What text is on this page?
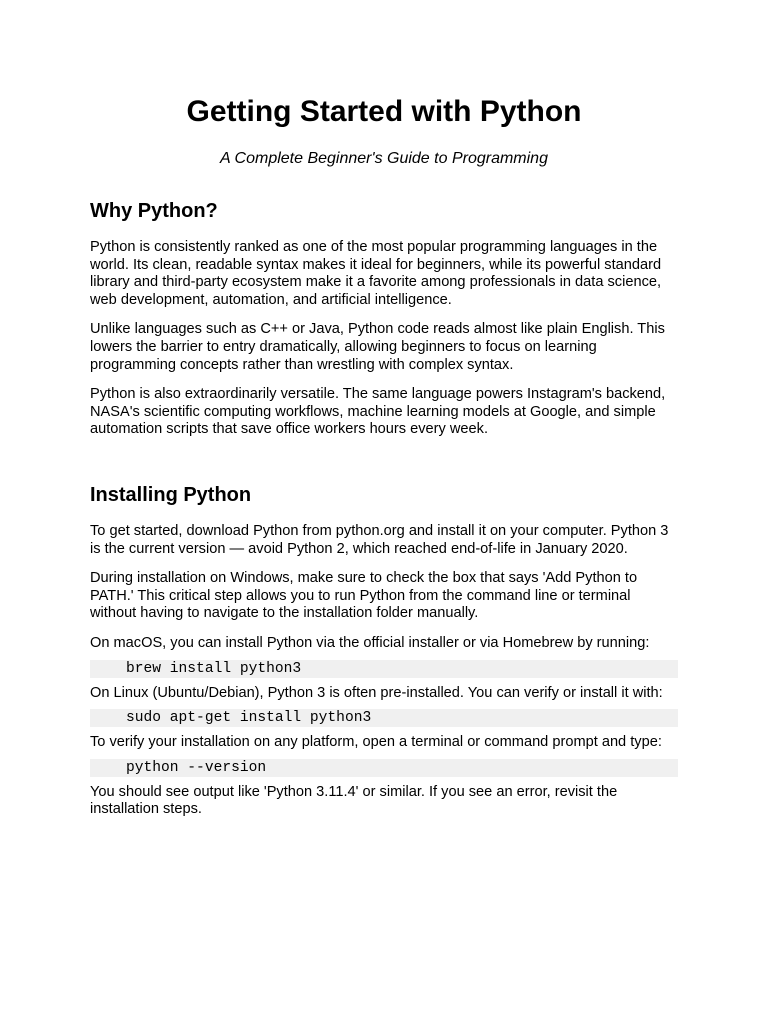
Getting Started with Python

A Complete Beginner's Guide to Programming

Why Python?

Python is consistently ranked as one of the most popular programming languages in the world. Its clean, readable syntax makes it ideal for beginners, while its powerful standard library and third-party ecosystem make it a favorite among professionals in data science, web development, automation, and artificial intelligence.

Unlike languages such as C++ or Java, Python code reads almost like plain English. This lowers the barrier to entry dramatically, allowing beginners to focus on learning programming concepts rather than wrestling with complex syntax.

Python is also extraordinarily versatile. The same language powers Instagram's backend, NASA's scientific computing workflows, machine learning models at Google, and simple automation scripts that save office workers hours every week.

Installing Python

To get started, download Python from python.org and install it on your computer. Python 3 is the current version — avoid Python 2, which reached end-of-life in January 2020.

During installation on Windows, make sure to check the box that says 'Add Python to PATH.' This critical step allows you to run Python from the command line or terminal without having to navigate to the installation folder manually.

On macOS, you can install Python via the official installer or via Homebrew by running:

brew install python3

On Linux (Ubuntu/Debian), Python 3 is often pre-installed. You can verify or install it with:

sudo apt-get install python3

To verify your installation on any platform, open a terminal or command prompt and type:

python --version

You should see output like 'Python 3.11.4' or similar. If you see an error, revisit the installation steps.
